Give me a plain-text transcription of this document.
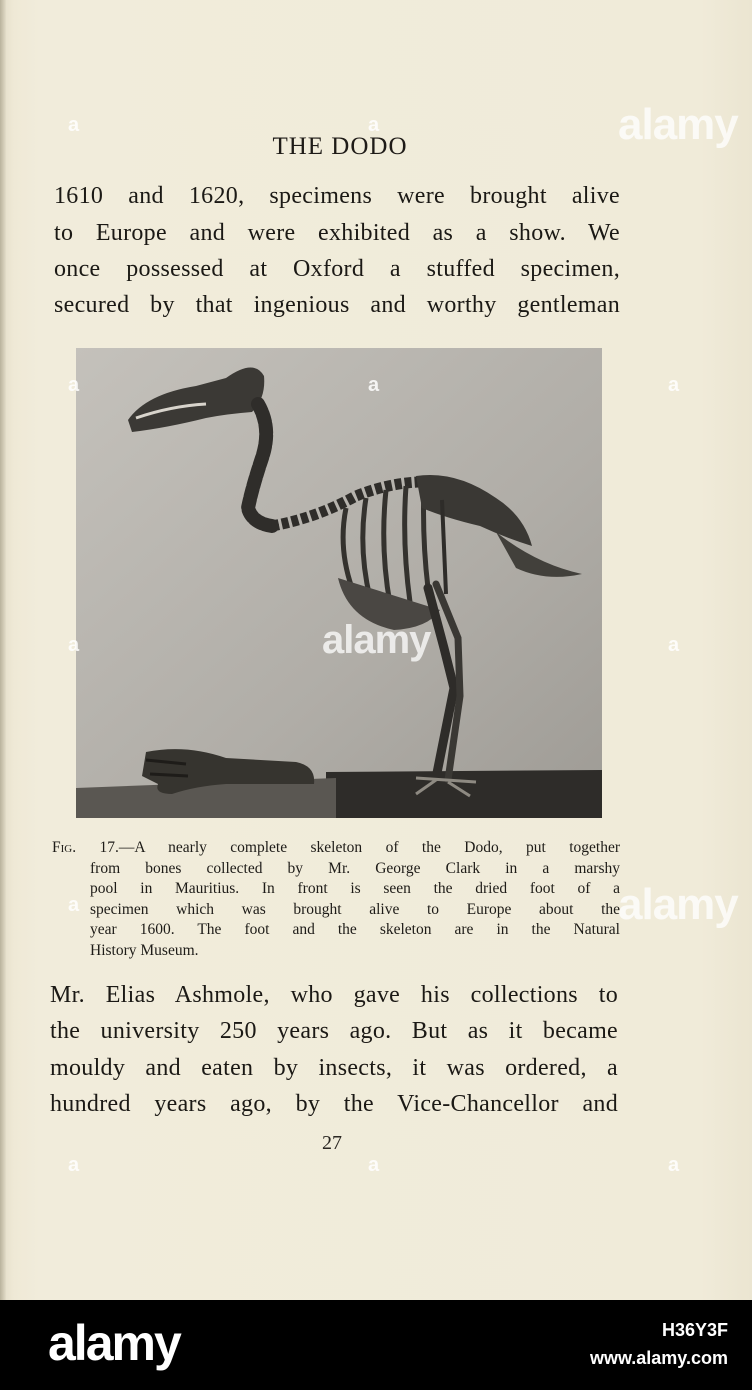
THE DODO

1610 and 1620, specimens were brought alive

to Europe and were exhibited as a show. We

once possessed at Oxford a stuffed specimen,

secured by that ingenious and worthy gentleman

Fig. 17.—A nearly complete skeleton of the Dodo, put together
from bones collected by Mr. George Clark in a marshy
pool in Mauritius. In front is seen the dried foot of a
specimen which was brought alive to Europe about the
year 1600. The foot and the skeleton are in the Natural
History Museum.

Mr. Elias Ashmole, who gave his collections to

the university 250 years ago. But as it became

mouldy and eaten by insects, it was ordered, a

hundred years ago, by the Vice-Chancellor and

27
alamy
alamy
alamy
a	a
a	a	a
a	a
a
a	a	a
alamy	H36Y3F
www.alamy.com
